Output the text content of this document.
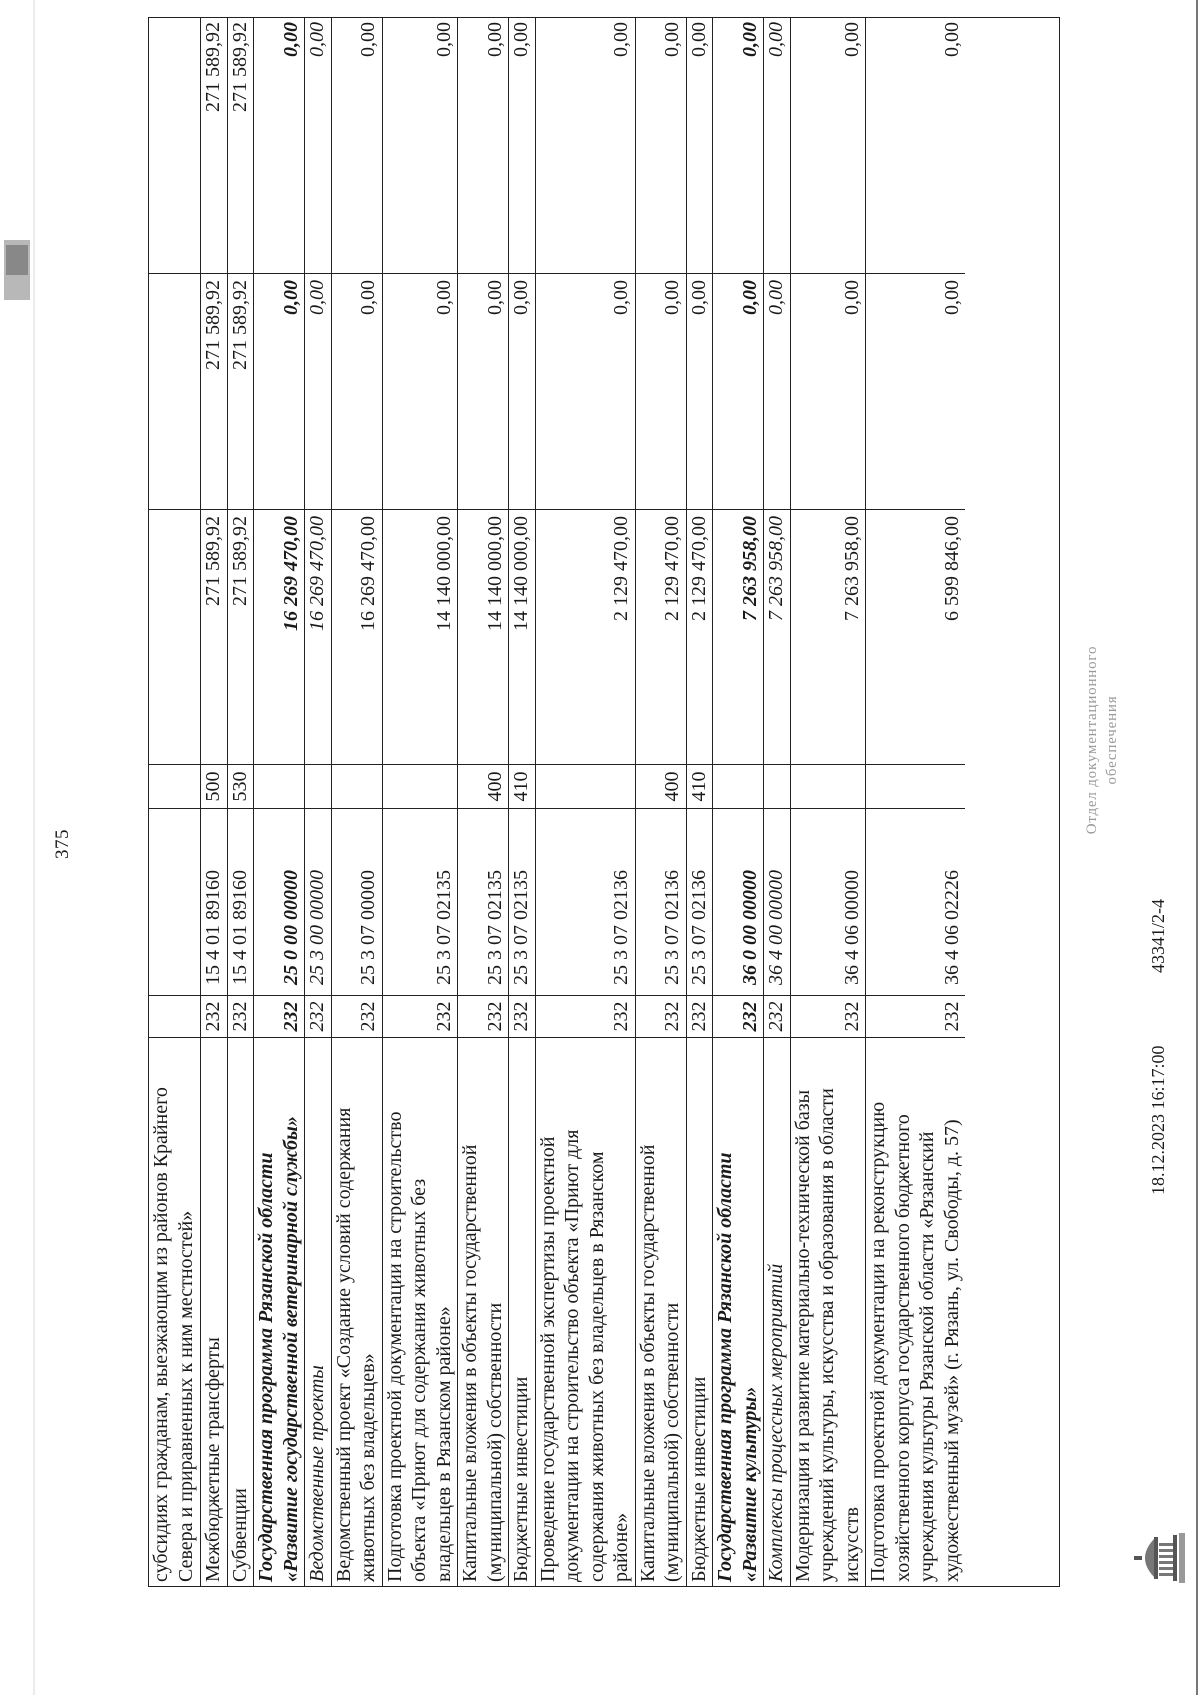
375
субсидиях гражданам, выезжающим из районов Крайнего Севера и приравненных к ним местностей» Межбюджетные трансферты
232
15 4 01 89160
500
271 589,92
271 589,92
271 589,92
Субвенции
232
15 4 01 89160
530
271 589,92
271 589,92
271 589,92
Государственная программа Рязанской области «Развитие государственной ветеринарной службы»
232
25 0 00 00000
16 269 470,00
0,00
0,00
Ведомственные проекты
232
25 3 00 00000
16 269 470,00
0,00
0,00
Ведомственный проект «Создание условий содержания животных без владельцев»
232
25 3 07 00000
16 269 470,00
0,00
0,00
Подготовка проектной документации на строительство объекта «Приют для содержания животных без владельцев в Рязанском районе»
232
25 3 07 02135
14 140 000,00
0,00
0,00
Капитальные вложения в объекты государственной (муниципальной) собственности
232
25 3 07 02135
400
14 140 000,00
0,00
0,00
Бюджетные инвестиции
232
25 3 07 02135
410
14 140 000,00
0,00
0,00
Проведение государственной экспертизы проектной документации на строительство объекта «Приют для содержания животных без владельцев в Рязанском районе»
232
25 3 07 02136
2 129 470,00
0,00
0,00
Капитальные вложения в объекты государственной (муниципальной) собственности
232
25 3 07 02136
400
2 129 470,00
0,00
0,00
Бюджетные инвестиции
232
25 3 07 02136
410
2 129 470,00
0,00
0,00
Государственная программа Рязанской области «Развитие культуры»
232
36 0 00 00000
7 263 958,00
0,00
0,00
Комплексы процессных мероприятий
232
36 4 00 00000
7 263 958,00
0,00
0,00
Модернизация и развитие материально-технической базы учреждений культуры, искусства и образования в области искусств
232
36 4 06 00000
7 263 958,00
0,00
0,00
Подготовка проектной документации на реконструкцию хозяйственного корпуса государственного бюджетного учреждения культуры Рязанской области «Рязанский художественный музей» (г. Рязань, ул. Свободы, д. 57)
232
36 4 06 02226
6 599 846,00
0,00
0,00
Отдел документационного обеспечения
18.12.2023 16:17:00
43341/2-4
